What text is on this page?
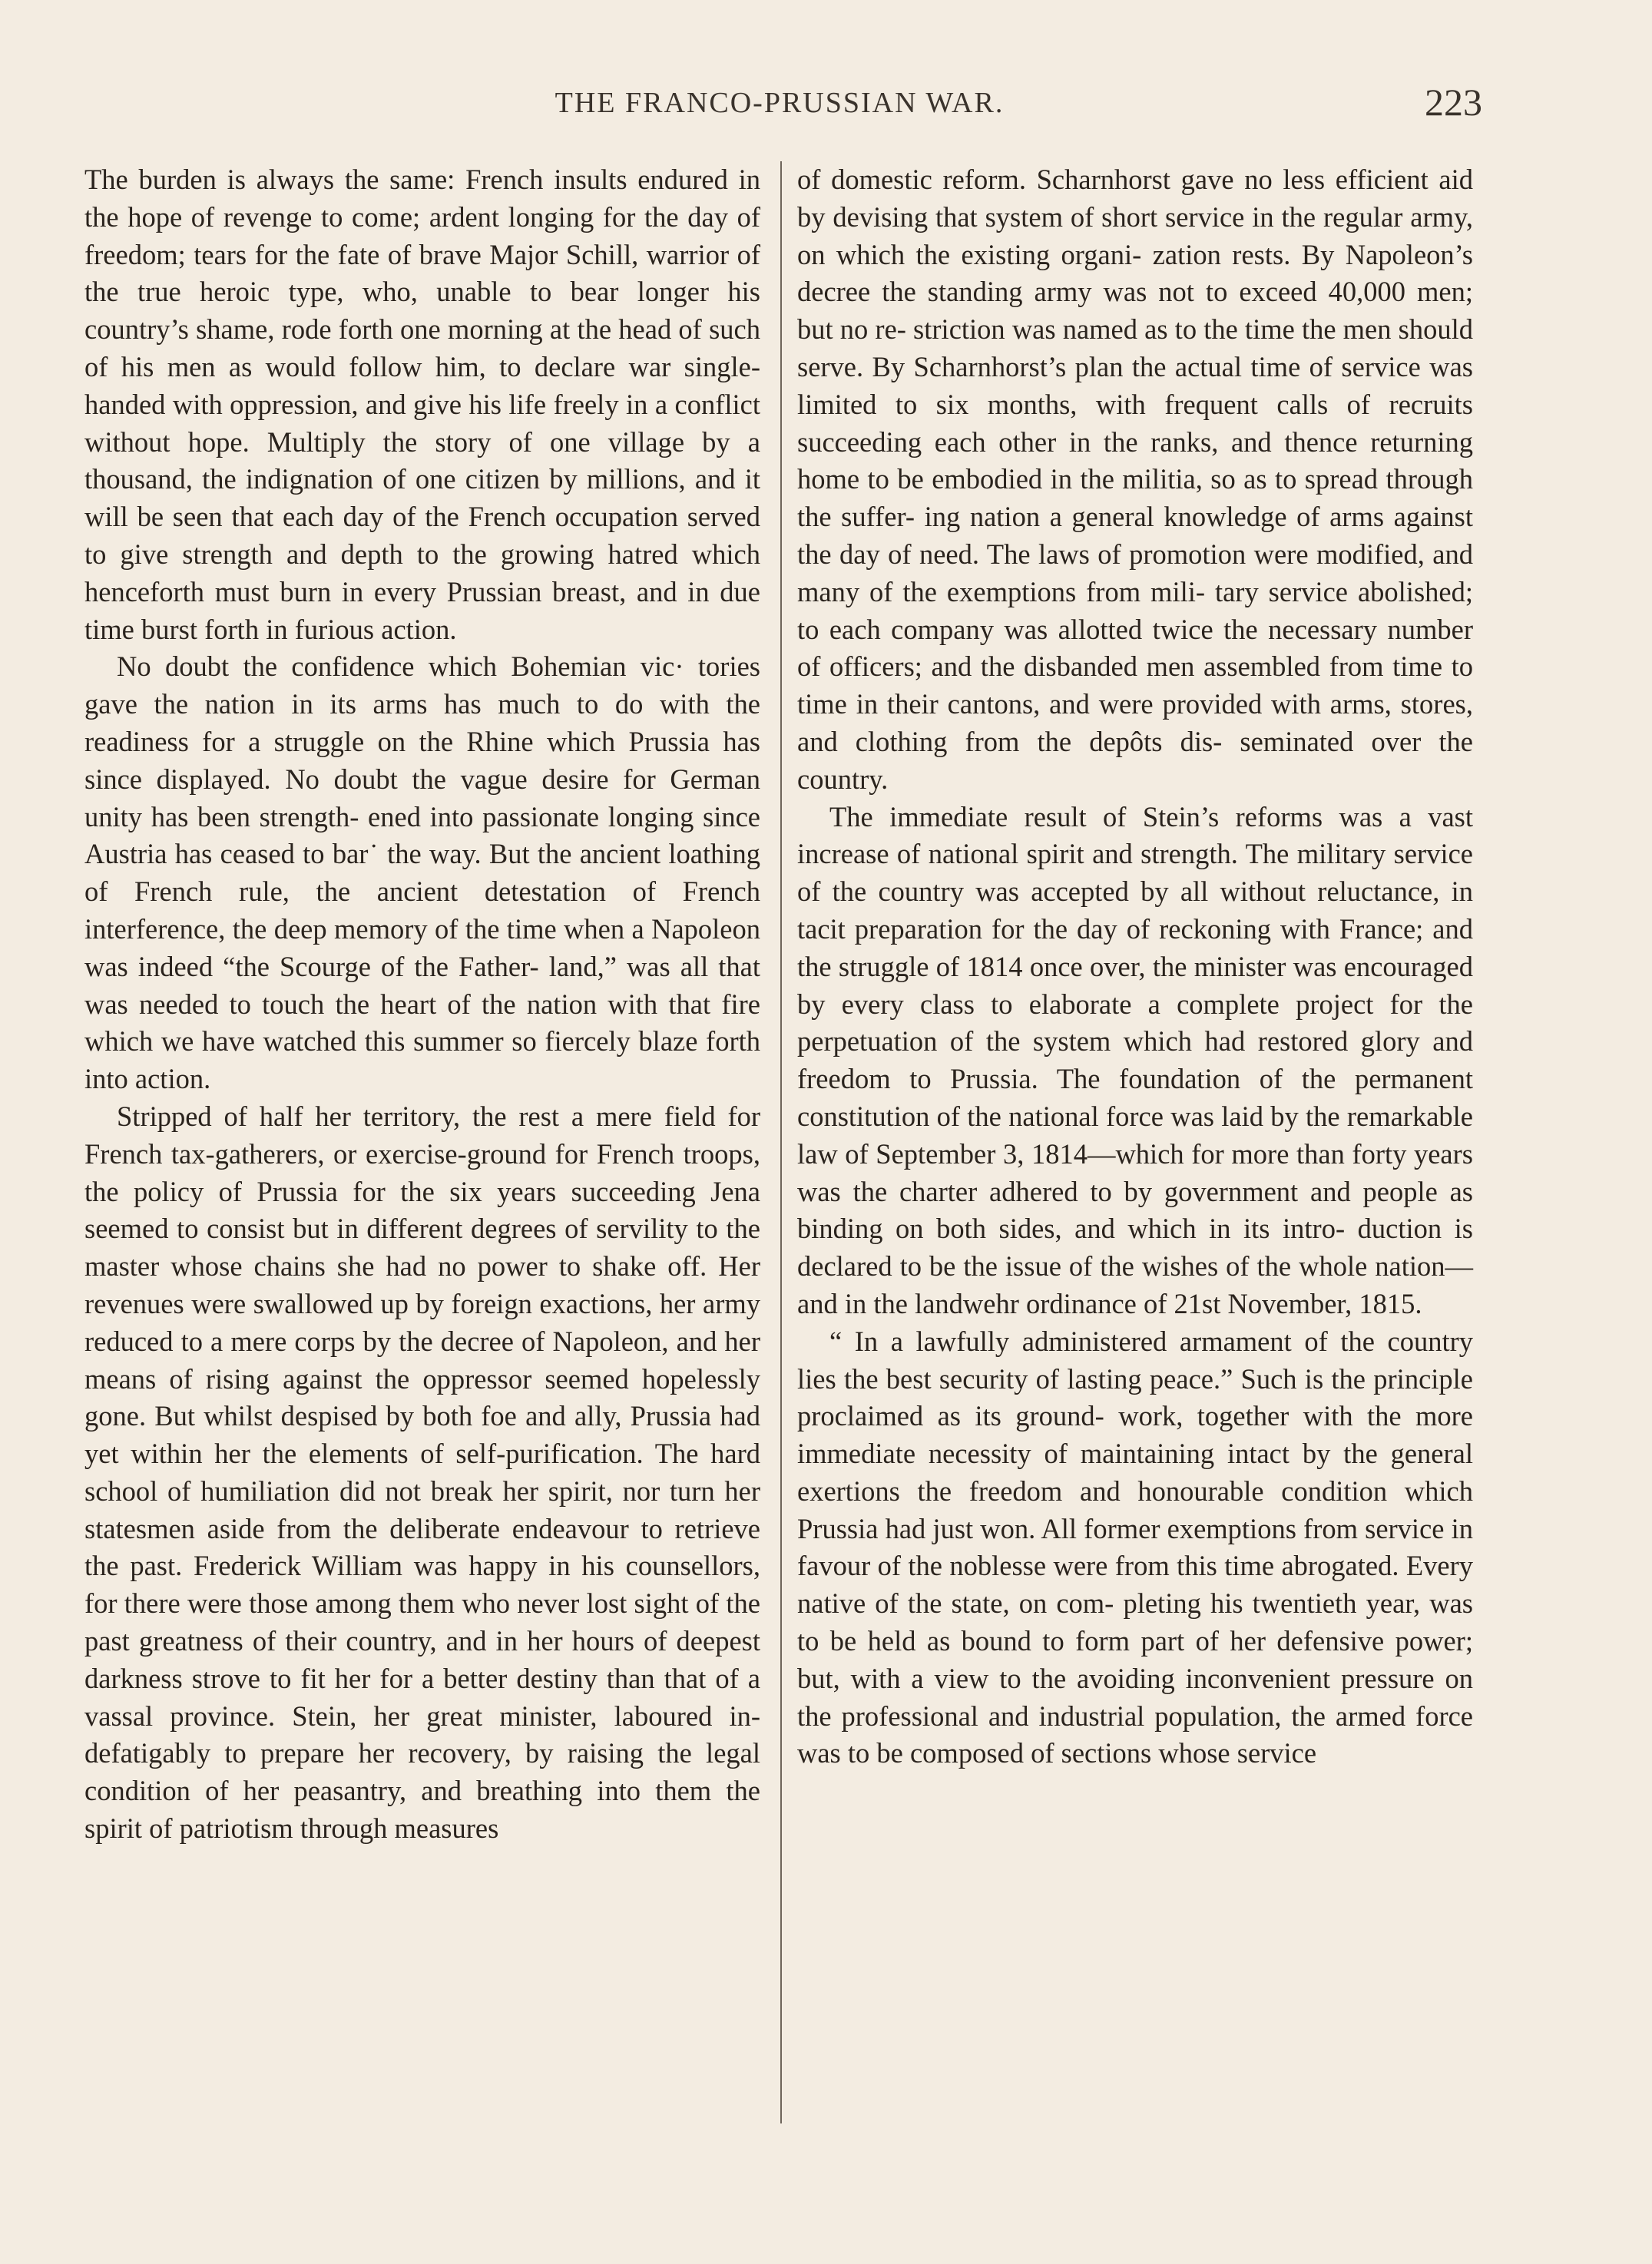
THE FRANCO-PRUSSIAN WAR.	223

The burden is always the same: French insults endured in the hope of revenge to come; ardent longing for the day of freedom; tears for the fate of brave Major Schill, warrior of the true heroic type, who, unable to bear longer his country’s shame, rode forth one morning at the head of such of his men as would follow him, to declare war single-handed with oppression, and give his life freely in a conflict without hope. Multiply the story of one village by a thousand, the indignation of one citizen by millions, and it will be seen that each day of the French occupation served to give strength and depth to the growing hatred which henceforth must burn in every Prussian breast, and in due time burst forth in furious action.

No doubt the confidence which Bohemian vic· tories gave the nation in its arms has much to do with the readiness for a struggle on the Rhine which Prussia has since displayed. No doubt the vague desire for German unity has been strength- ened into passionate longing since Austria has ceased to bar˙ the way. But the ancient loathing of French rule, the ancient detestation of French interference, the deep memory of the time when a Napoleon was indeed “the Scourge of the Father- land,” was all that was needed to touch the heart of the nation with that fire which we have watched this summer so fiercely blaze forth into action.

Stripped of half her territory, the rest a mere field for French tax-gatherers, or exercise-ground for French troops, the policy of Prussia for the six years succeeding Jena seemed to consist but in different degrees of servility to the master whose chains she had no power to shake off. Her revenues were swallowed up by foreign exactions, her army reduced to a mere corps by the decree of Napoleon, and her means of rising against the oppressor seemed hopelessly gone. But whilst despised by both foe and ally, Prussia had yet within her the elements of self-purification. The hard school of humiliation did not break her spirit, nor turn her statesmen aside from the deliberate endeavour to retrieve the past. Frederick William was happy in his counsellors, for there were those among them who never lost sight of the past greatness of their country, and in her hours of deepest darkness strove to fit her for a better destiny than that of a vassal province. Stein, her great minister, laboured in- defatigably to prepare her recovery, by raising the legal condition of her peasantry, and breathing into them the spirit of patriotism through measures

of domestic reform. Scharnhorst gave no less efficient aid by devising that system of short service in the regular army, on which the existing organi- zation rests. By Napoleon’s decree the standing army was not to exceed 40,000 men; but no re- striction was named as to the time the men should serve. By Scharnhorst’s plan the actual time of service was limited to six months, with frequent calls of recruits succeeding each other in the ranks, and thence returning home to be embodied in the militia, so as to spread through the suffer- ing nation a general knowledge of arms against the day of need. The laws of promotion were modified, and many of the exemptions from mili- tary service abolished; to each company was allotted twice the necessary number of officers; and the disbanded men assembled from time to time in their cantons, and were provided with arms, stores, and clothing from the depôts dis- seminated over the country.

The immediate result of Stein’s reforms was a vast increase of national spirit and strength. The military service of the country was accepted by all without reluctance, in tacit preparation for the day of reckoning with France; and the struggle of 1814 once over, the minister was encouraged by every class to elaborate a complete project for the perpetuation of the system which had restored glory and freedom to Prussia. The foundation of the permanent constitution of the national force was laid by the remarkable law of September 3, 1814—which for more than forty years was the charter adhered to by government and people as binding on both sides, and which in its intro- duction is declared to be the issue of the wishes of the whole nation—and in the landwehr ordinance of 21st November, 1815.

“ In a lawfully administered armament of the country lies the best security of lasting peace.” Such is the principle proclaimed as its ground- work, together with the more immediate necessity of maintaining intact by the general exertions the freedom and honourable condition which Prussia had just won. All former exemptions from service in favour of the noblesse were from this time abrogated. Every native of the state, on com- pleting his twentieth year, was to be held as bound to form part of her defensive power; but, with a view to the avoiding inconvenient pressure on the professional and industrial population, the armed force was to be composed of sections whose service
